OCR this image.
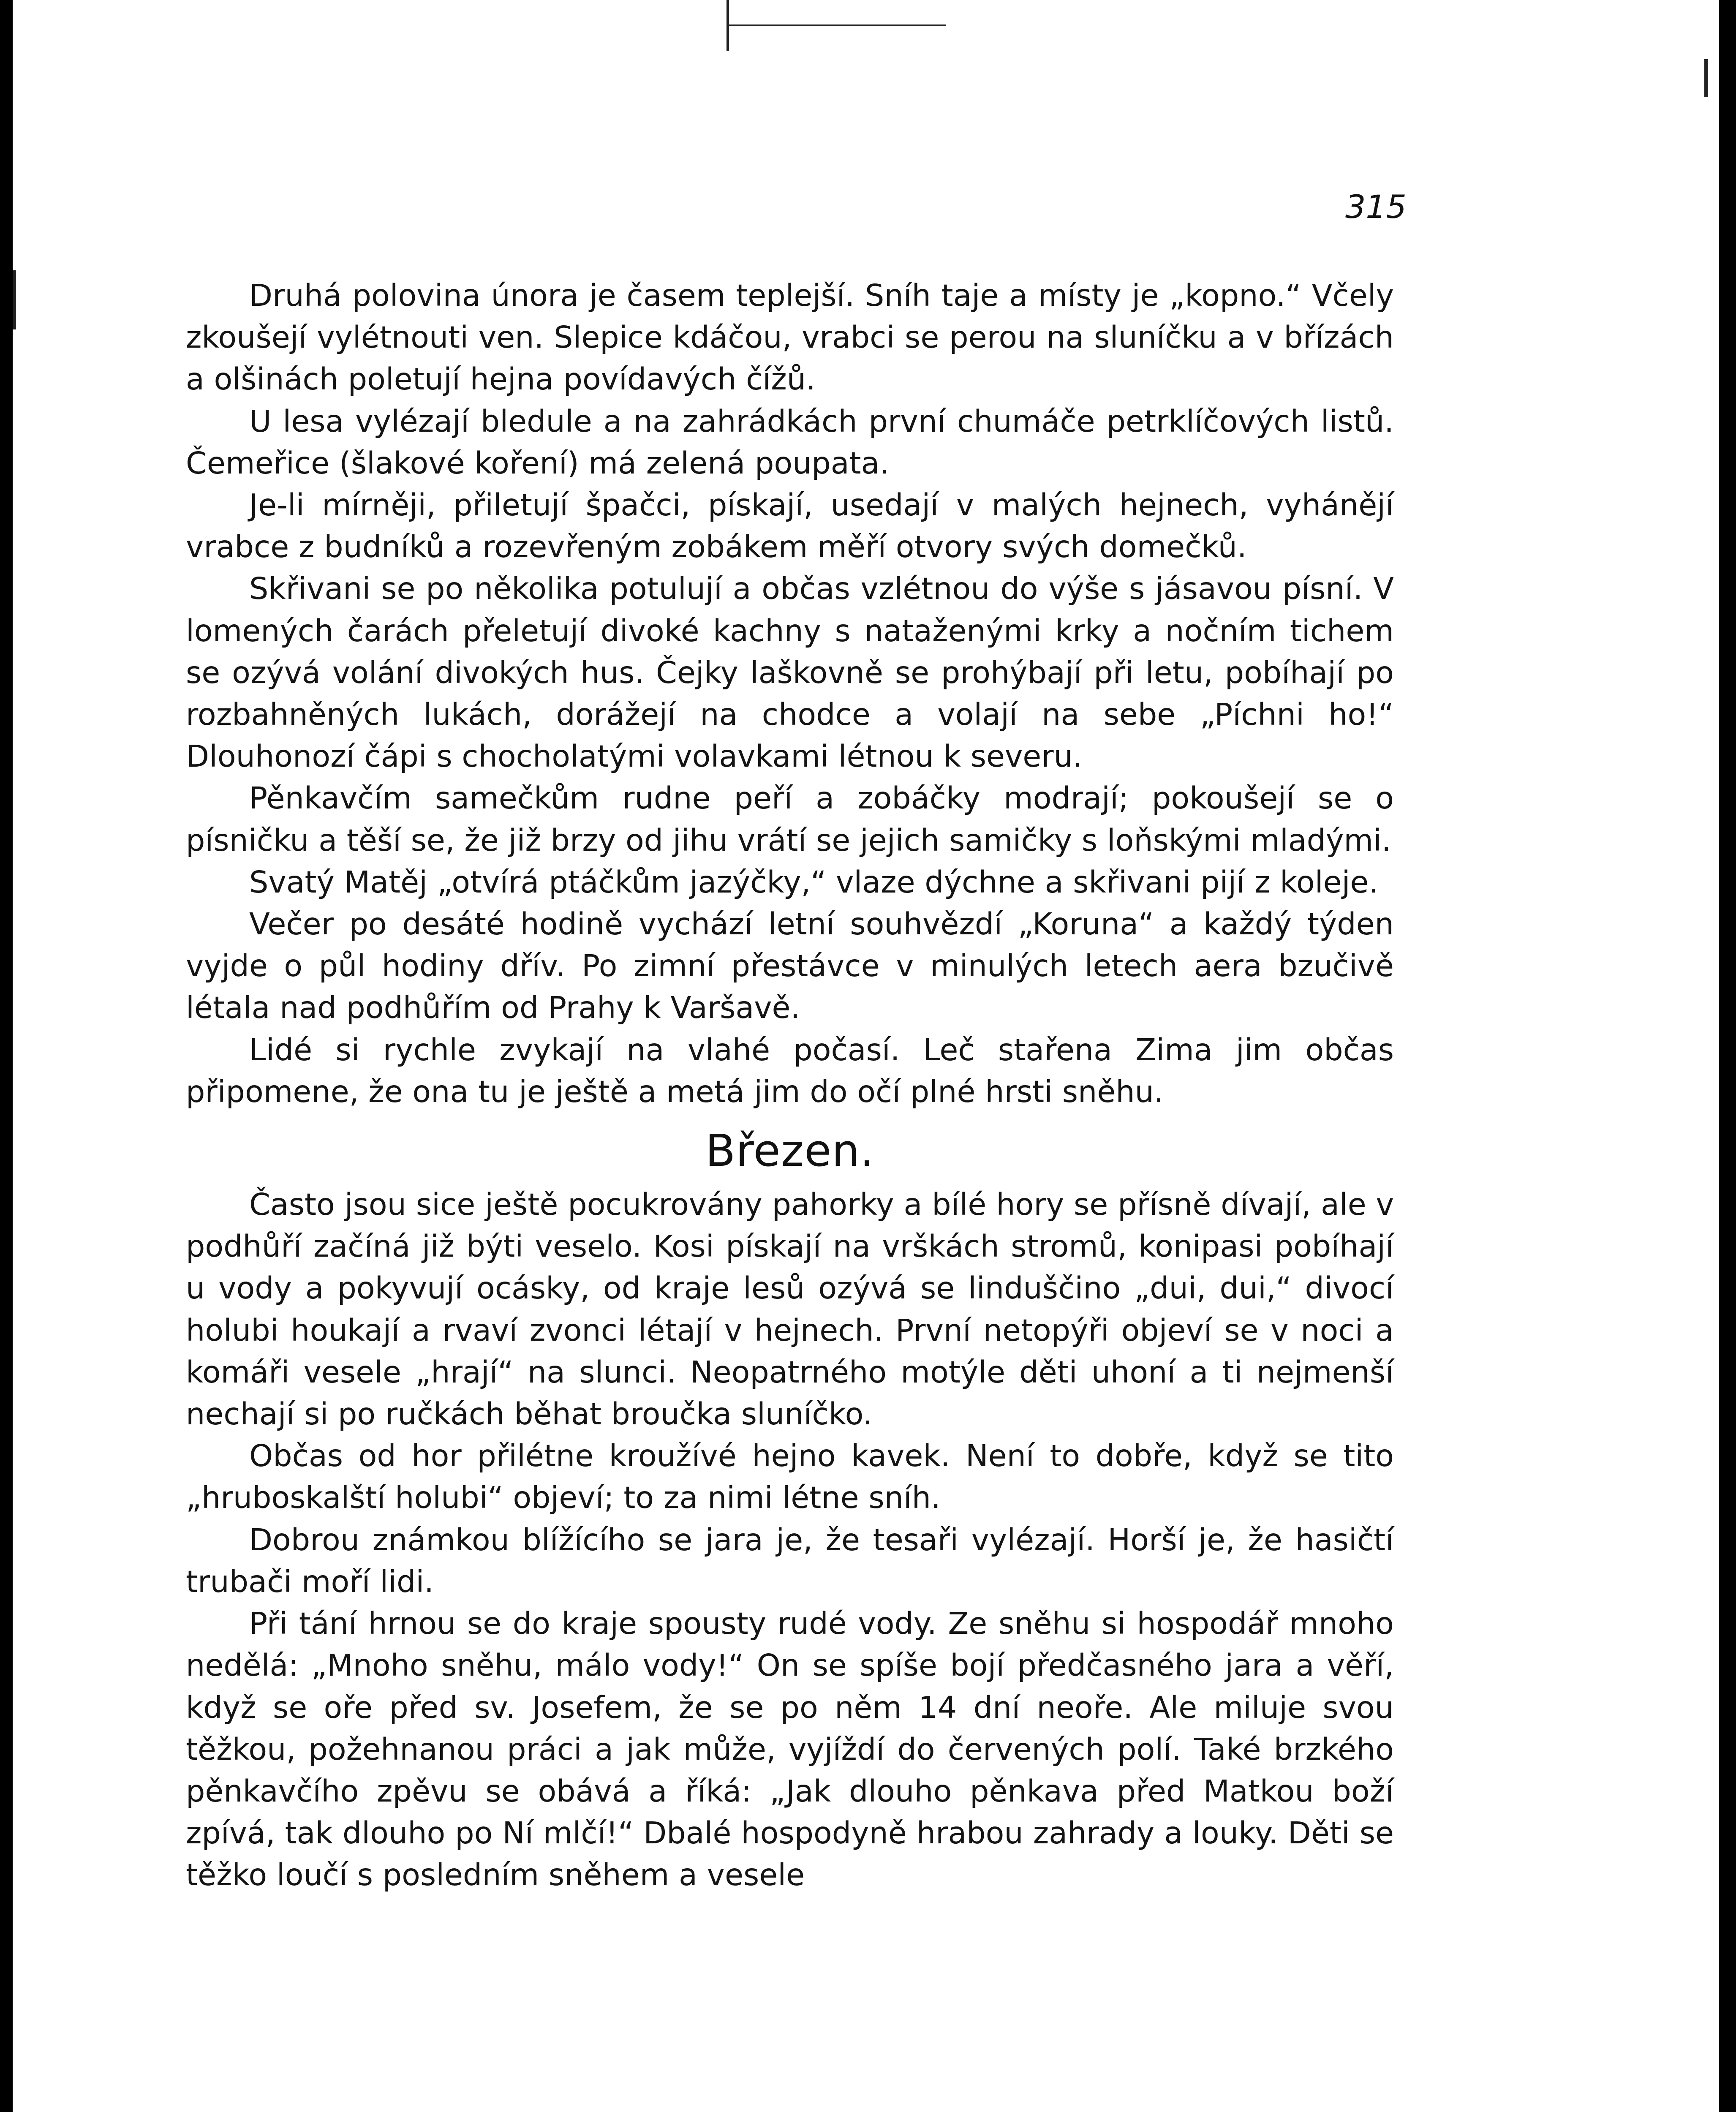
315

Druhá polovina února je časem teplejší. Sníh taje a místy je „kopno.“ Včely zkoušejí vylétnouti ven. Slepice kdáčou, vrabci se perou na sluníčku a v břízách a olšinách poletují hejna povídavých čížů.

U lesa vylézají bledule a na zahrádkách první chumáče petrklíčových listů. Čemeřice (šlakové koření) má zelená poupata.

Je-li mírněji, přiletují špačci, pískají, usedají v malých hejnech, vyhánějí vrabce z budníků a rozevřeným zobákem měří otvory svých domečků.

Skřivani se po několika potulují a občas vzlétnou do výše s jásavou písní. V lomených čarách přeletují divoké kachny s nataženými krky a nočním tichem se ozývá volání divokých hus. Čejky laškovně se prohýbají při letu, pobíhají po rozbahněných lukách, dorážejí na chodce a volají na sebe „Píchni ho!“ Dlouhonozí čápi s chocholatými volavkami létnou k severu.

Pěnkavčím samečkům rudne peří a zobáčky modrají; pokoušejí se o písničku a těší se, že již brzy od jihu vrátí se jejich samičky s loňskými mladými.

Svatý Matěj „otvírá ptáčkům jazýčky,“ vlaze dýchne a skřivani pijí z koleje.

Večer po desáté hodině vychází letní souhvězdí „Koruna“ a každý týden vyjde o půl hodiny dřív. Po zimní přestávce v minulých letech aera bzučivě létala nad podhůřím od Prahy k Varšavě.

Lidé si rychle zvykají na vlahé počasí. Leč stařena Zima jim občas připomene, že ona tu je ještě a metá jim do očí plné hrsti sněhu.

Březen.

Často jsou sice ještě pocukrovány pahorky a bílé hory se přísně dívají, ale v podhůří začíná již býti veselo. Kosi pískají na vrškách stromů, konipasi pobíhají u vody a pokyvují ocásky, od kraje lesů ozývá se linduščino „dui, dui,“ divocí holubi houkají a rvaví zvonci létají v hejnech. První netopýři objeví se v noci a komáři vesele „hrají“ na slunci. Neopatrného motýle děti uhoní a ti nejmenší nechají si po ručkách běhat broučka sluníčko.

Občas od hor přilétne kroužívé hejno kavek. Není to dobře, když se tito „hruboskalští holubi“ objeví; to za nimi létne sníh.

Dobrou známkou blížícího se jara je, že tesaři vylézají. Horší je, že hasičtí trubači moří lidi.

Při tání hrnou se do kraje spousty rudé vody. Ze sněhu si hospodář mnoho nedělá: „Mnoho sněhu, málo vody!“ On se spíše bojí předčasného jara a věří, když se oře před sv. Josefem, že se po něm 14 dní neoře. Ale miluje svou těžkou, požehnanou práci a jak může, vyjíždí do červených polí. Také brzkého pěnkavčího zpěvu se obává a říká: „Jak dlouho pěnkava před Matkou boží zpívá, tak dlouho po Ní mlčí!“ Dbalé hospodyně hrabou zahrady a louky. Děti se těžko loučí s posledním sněhem a vesele
